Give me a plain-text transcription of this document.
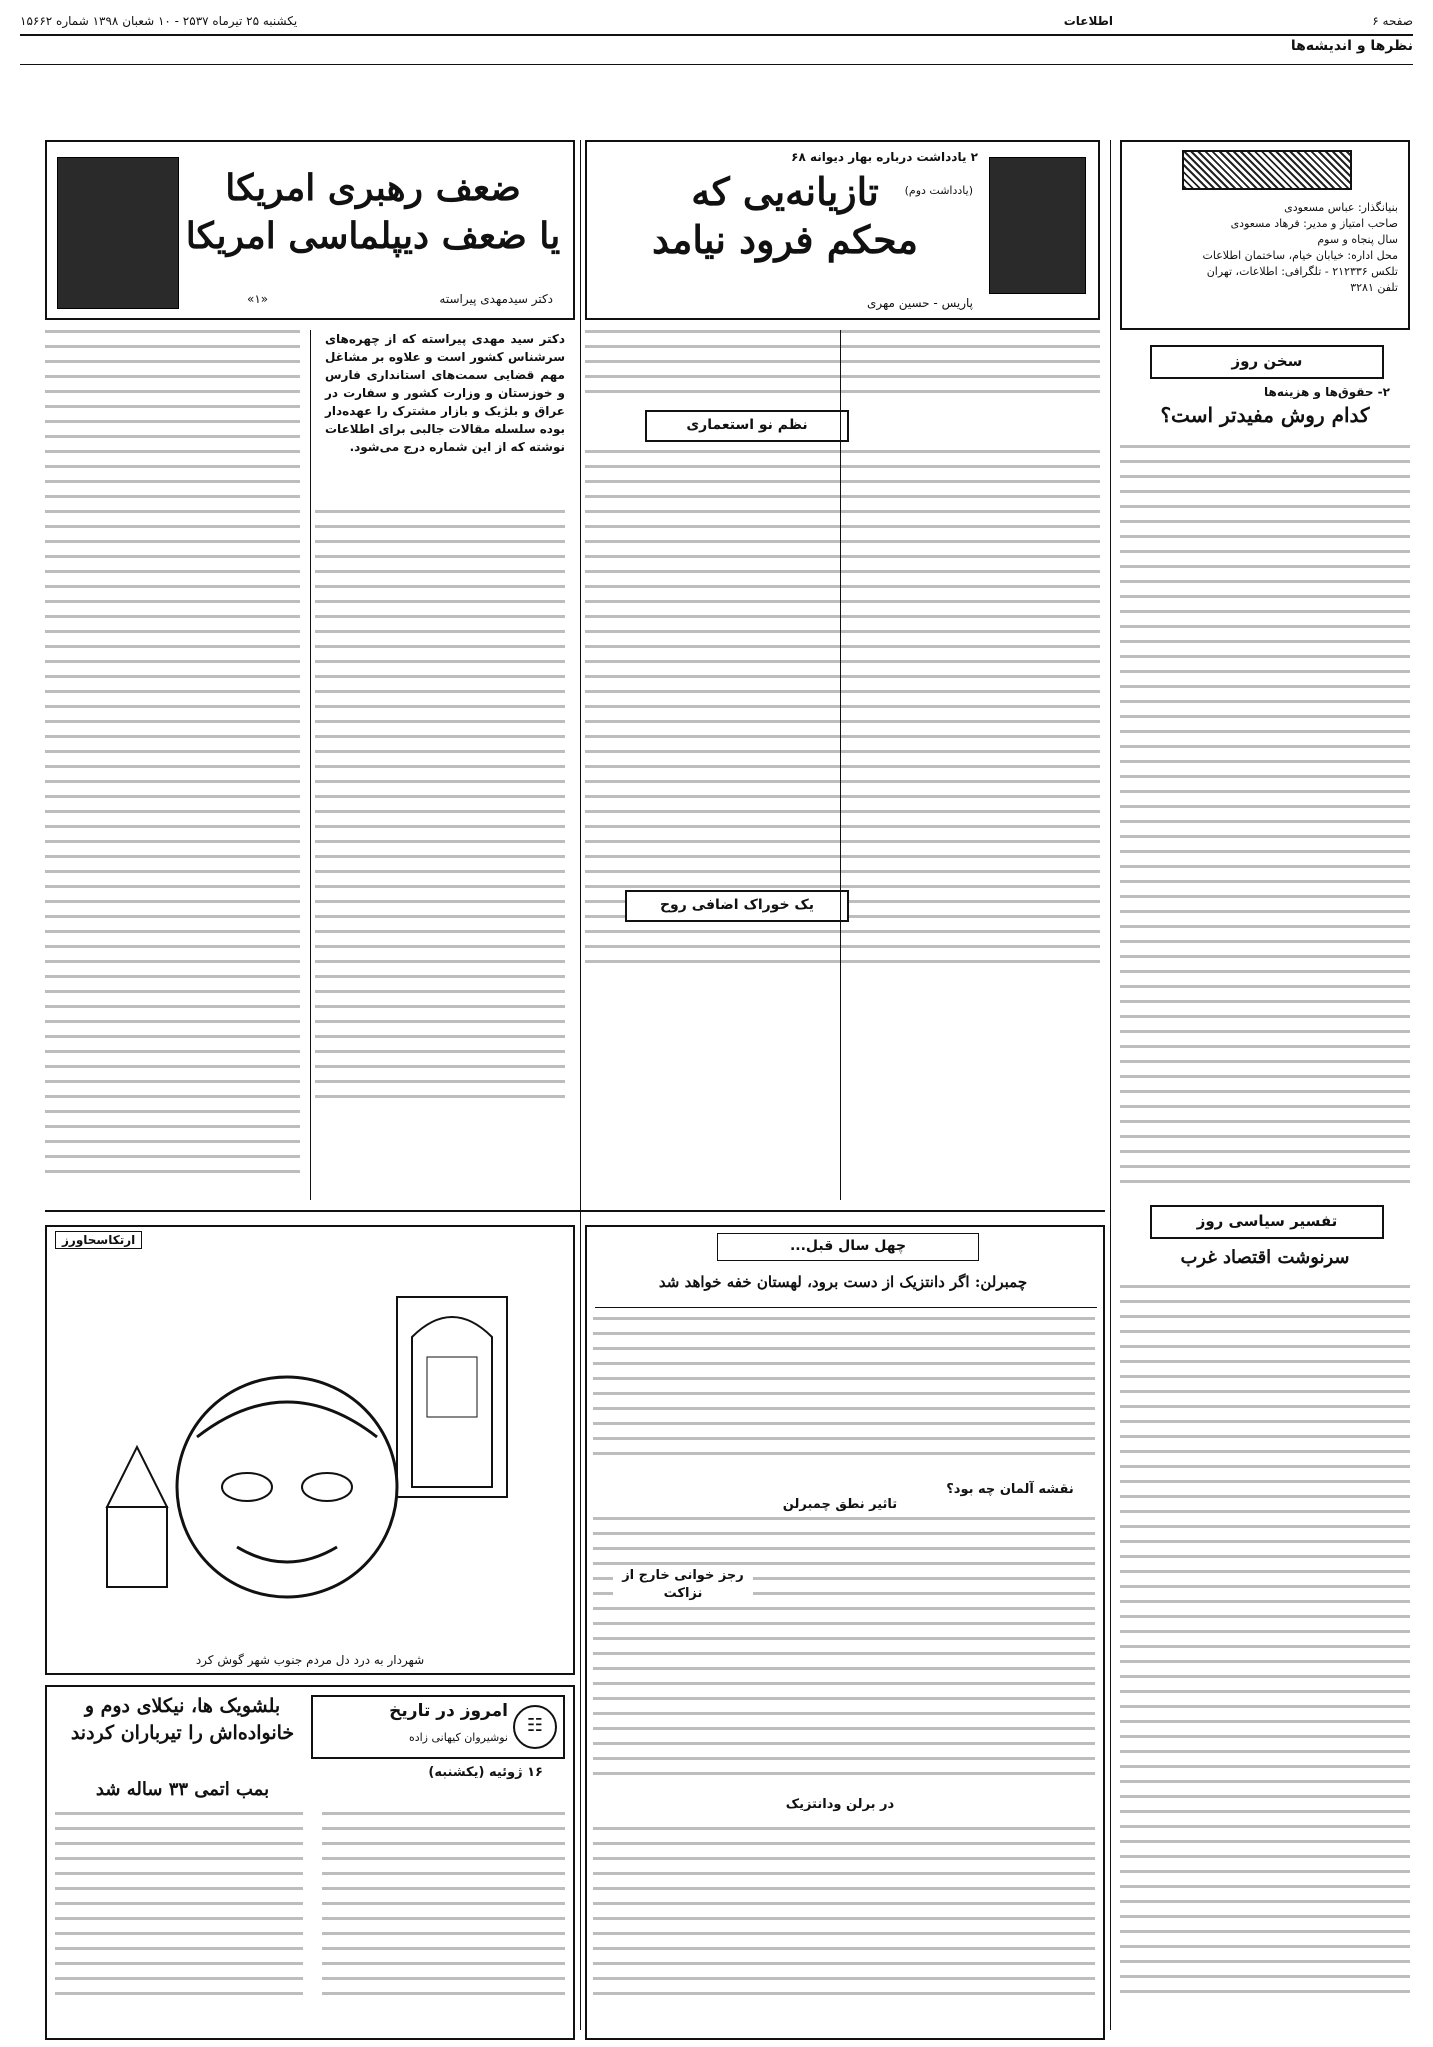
صفحه ۶
اطلاعات
یکشنبه ۲۵ تیرماه ۲۵۳۷ - ۱۰ شعبان ۱۳۹۸ شماره ۱۵۶۶۲
نظرها و اندیشه‌ها
بنیانگذار: عباس مسعودی
صاحب امتیاز و مدیر: فرهاد مسعودی
سال پنجاه و سوم
محل اداره: خیابان خیام، ساختمان اطلاعات
تلکس ۲۱۲۳۳۶ - تلگرافی: اطلاعات، تهران
تلفن ۳۲۸۱
سخن روز
۲- حقوق‌ها و هزینه‌ها
کدام روش مفیدتر است؟
تفسیر سیاسی روز
سرنوشت اقتصاد غرب
۲ یادداشت درباره بهار دیوانه ۶۸
(یادداشت دوم)
تازیانه‌یی که
محکم فرود نیامد
پاریس - حسین مهری
نظم نو استعماری
یک خوراک اضافی روح
ضعف رهبری امریکا
یا ضعف دیپلماسی امریکا
دکتر سیدمهدی پیراسته
«۱»
دکتر سید مهدی پیراسته که از چهره‌های سرشناس کشور است و علاوه بر مشاغل مهم قضایی سمت‌های استانداری فارس و خوزستان و وزارت کشور و سفارت در عراق و بلژیک و بازار مشترک را عهده‌دار بوده سلسله مقالات جالبی برای اطلاعات نوشته که از این شماره درج می‌شود.
ارتکاسحاورز
شهردار به درد دل مردم جنوب شهر گوش کرد
چهل سال قبل...
چمبرلن: اگر دانتزیک از دست برود، لهستان خفه خواهد شد
نقشه آلمان چه بود؟
تاثیر نطق چمبرلن
رجز خوانی خارج از نزاکت
در برلن ودانتزیک
☷
امروز در تاریخ
نوشیروان کیهانی زاده
بلشویک ها، نیکلای دوم و خانواده‌اش را تیرباران کردند
۱۶ ژوئیه (یکشنبه)
بمب اتمی ۳۳ ساله شد
